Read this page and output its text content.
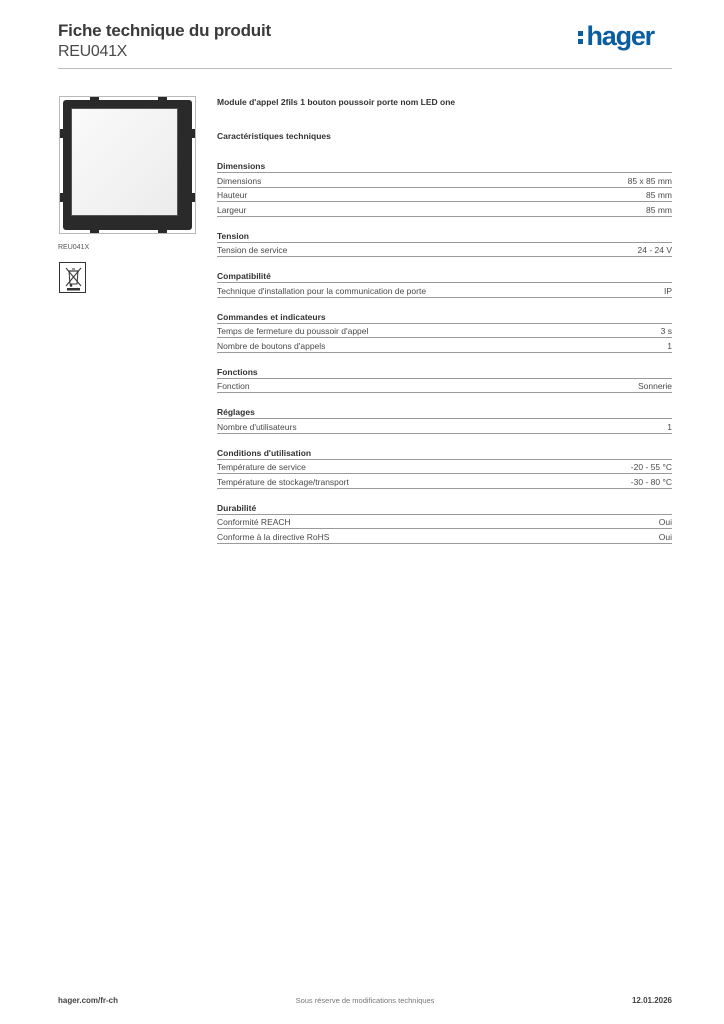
Fiche technique du produit
REU041X
hager
REU041X
Module d'appel 2fils 1 bouton poussoir porte nom LED one
Caractéristiques techniques
Dimensions
Dimensions	85 x 85 mm
Hauteur	85 mm
Largeur	85 mm
Tension
Tension de service	24 - 24 V
Compatibilité
Technique d'installation pour la communication de porte	IP
Commandes et indicateurs
Temps de fermeture du poussoir d'appel	3 s
Nombre de boutons d'appels	1
Fonctions
Fonction	Sonnerie
Réglages
Nombre d'utilisateurs	1
Conditions d'utilisation
Température de service	-20 - 55 °C
Température de stockage/transport	-30 - 80 °C
Durabilité
Conformité REACH	Oui
Conforme à la directive RoHS	Oui
hager.com/fr-ch	Sous réserve de modifications techniques	12.01.2026
